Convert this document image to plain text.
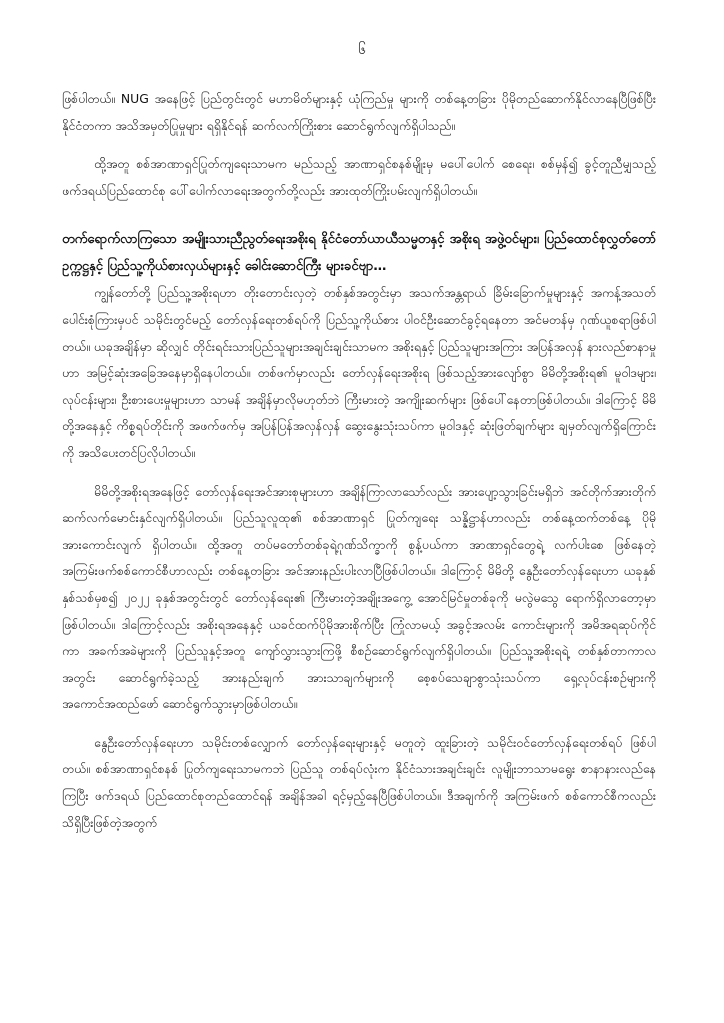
၆

ဖြစ်ပါတယ်။ NUG အနေဖြင့် ပြည်တွင်းတွင် မဟာမိတ်များနှင့် ယုံကြည်မှု များကို တစ်နေ့တခြား ပိုမိုတည်ဆောက်နိုင်လာနေပြီဖြစ်ပြီး နိုင်ငံတကာ အသိအမှတ်ပြုမှုများ ရရှိနိုင်ရန် ဆက်လက်ကြိုးစား ဆောင်ရွက်လျက်ရှိပါသည်။

ထို့အတူ စစ်အာဏာရှင်ပြုတ်ကျရေးသာမက မည်သည့် အာဏာရှင်စနစ်မျိုးမှ မပေါ်ပေါက် စေရေး၊ စစ်မှန်၍ ခွင့်တူညီမျှသည့် ဖက်ဒရယ်ပြည်ထောင်စု ပေါ်ပေါက်လာရေးအတွက်တို့လည်း အားထုတ်ကြိုးပမ်းလျက်ရှိပါတယ်။

တက်ရောက်လာကြသော အမျိုးသားညီညွတ်ရေးအစိုးရ နိုင်ငံတော်ယာယီသမ္မတနှင့် အစိုးရ အဖွဲ့ဝင်များ၊ ပြည်ထောင်စုလွှတ်တော်ဥက္ကဋ္ဌနှင့် ပြည်သူ့ကိုယ်စားလှယ်များနှင့် ခေါင်းဆောင်ကြီး များခင်ဗျာ…

ကျွန်တော်တို့ ပြည်သူ့အစိုးရဟာ တိုးတောင်းလှတဲ့ တစ်နှစ်အတွင်းမှာ အသက်အန္တရာယ် ခြိမ်းခြောက်မှုများနှင့် အကန့်အသတ်ပေါင်းစုံကြားမှပင် သမိုင်းတွင်မည့် တော်လှန်ရေးတစ်ရပ်ကို ပြည်သူ့ကိုယ်စား ပါဝင်ဦးဆောင်ခွင့်ရနေတာ အင်မတန်မှ ဂုဏ်ယူစရာဖြစ်ပါတယ်။ ယခုအချိန်မှာ ဆိုလျှင် တိုင်းရင်းသားပြည်သူများအချင်းချင်းသာမက အစိုးရနှင့် ပြည်သူများအကြား အပြန်အလှန် နားလည်စာနာမှုဟာ အမြင့်ဆုံးအခြေအနေမှာရှိနေပါတယ်။ တစ်ဖက်မှာလည်း တော်လှန်ရေးအစိုးရ ဖြစ်သည့်အားလျော်စွာ မိမိတို့အစိုးရ၏ မူဝါဒများ၊ လုပ်ငန်းများ၊ ဦးစားပေးမှုများဟာ သာမန် အချိန်မှာလိုမဟုတ်ဘဲ ကြီးမားတဲ့ အကျိုးဆက်များ ဖြစ်ပေါ်နေတာဖြစ်ပါတယ်။ ဒါကြောင့် မိမိတို့အနေနှင့် ကိစ္စရပ်တိုင်းကို အဖက်ဖက်မှ အပြန်ပြန်အလှန်လှန် ဆွေးနွေးသုံးသပ်ကာ မူဝါဒနှင့် ဆုံးဖြတ်ချက်များ ချမှတ်လျက်ရှိကြောင်းကို အသိပေးတင်ပြလိုပါတယ်။

မိမိတို့အစိုးရအနေဖြင့် တော်လှန်ရေးအင်အားစုများဟာ အချိန်ကြာလာသော်လည်း အားပျော့သွားခြင်းမရှိဘဲ အင်တိုက်အားတိုက် ဆက်လက်မောင်းနှင်လျက်ရှိပါတယ်။ ပြည်သူလူထု၏ စစ်အာဏာရှင် ပြုတ်ကျရေး သန္နိဋ္ဌာန်ဟာလည်း တစ်နေ့ထက်တစ်နေ့ ပိုမိုအားကောင်းလျက် ရှိပါတယ်။ ထို့အတူ တပ်မတော်တစ်ခုရဲ့ဂုဏ်သိက္ခာကို စွန့်ပယ်ကာ အာဏာရှင်တွေရဲ့ လက်ပါးစေ ဖြစ်နေတဲ့ အကြမ်းဖက်စစ်ကောင်စီဟာလည်း တစ်နေ့တခြား အင်အားနည်းပါးလာပြီဖြစ်ပါတယ်။ ဒါကြောင့် မိမိတို့ နွေဦးတော်လှန်ရေးဟာ ယခုနှစ် နှစ်သစ်မှစ၍ ၂၀၂၂ ခုနှစ်အတွင်းတွင် တော်လှန်ရေး၏ ကြီးမားတဲ့အချိုးအကွေ့ အောင်မြင်မှုတစ်ခုကို မလွဲမသွေ ရောက်ရှိလာတော့မှာ ဖြစ်ပါတယ်။ ဒါကြောင့်လည်း အစိုးရအနေနှင့် ယခင်ထက်ပိုမိုအားစိုက်ပြီး ကြုံလာမယ့် အခွင့်အလမ်း ကောင်းများကို အမိအရဆုပ်ကိုင်ကာ အခက်အခဲများကို ပြည်သူနှင့်အတူ ကျော်လွှားသွားကြဖို့ စီစဉ်ဆောင်ရွက်လျက်ရှိပါတယ်။ ပြည်သူ့အစိုးရရဲ့ တစ်နှစ်တာကာလအတွင်း ဆောင်ရွက်ခဲ့သည့် အားနည်းချက် အားသာချက်များကို စေ့စပ်သေချာစွာသုံးသပ်ကာ ရှေ့လုပ်ငန်းစဉ်များကို အကောင်အထည်ဖော် ဆောင်ရွက်သွားမှာဖြစ်ပါတယ်။

နွေဦးတော်လှန်ရေးဟာ သမိုင်းတစ်လျှောက် တော်လှန်ရေးများနှင့် မတူတဲ့ ထူးခြားတဲ့ သမိုင်းဝင်တော်လှန်ရေးတစ်ရပ် ဖြစ်ပါတယ်။ စစ်အာဏာရှင်စနစ် ပြုတ်ကျရေးသာမကဘဲ ပြည်သူ တစ်ရပ်လုံးက နိုင်ငံသားအချင်းချင်း လူမျိုးဘာသာမရွေး စာနာနားလည်နေကြပြီး ဖက်ဒရယ် ပြည်ထောင်စုတည်ထောင်ရန် အချိန်အခါ ရင့်မှည့်နေပြီဖြစ်ပါတယ်။ ဒီအချက်ကို အကြမ်းဖက် စစ်ကောင်စီကလည်း သိရှိပြီးဖြစ်တဲ့အတွက်
